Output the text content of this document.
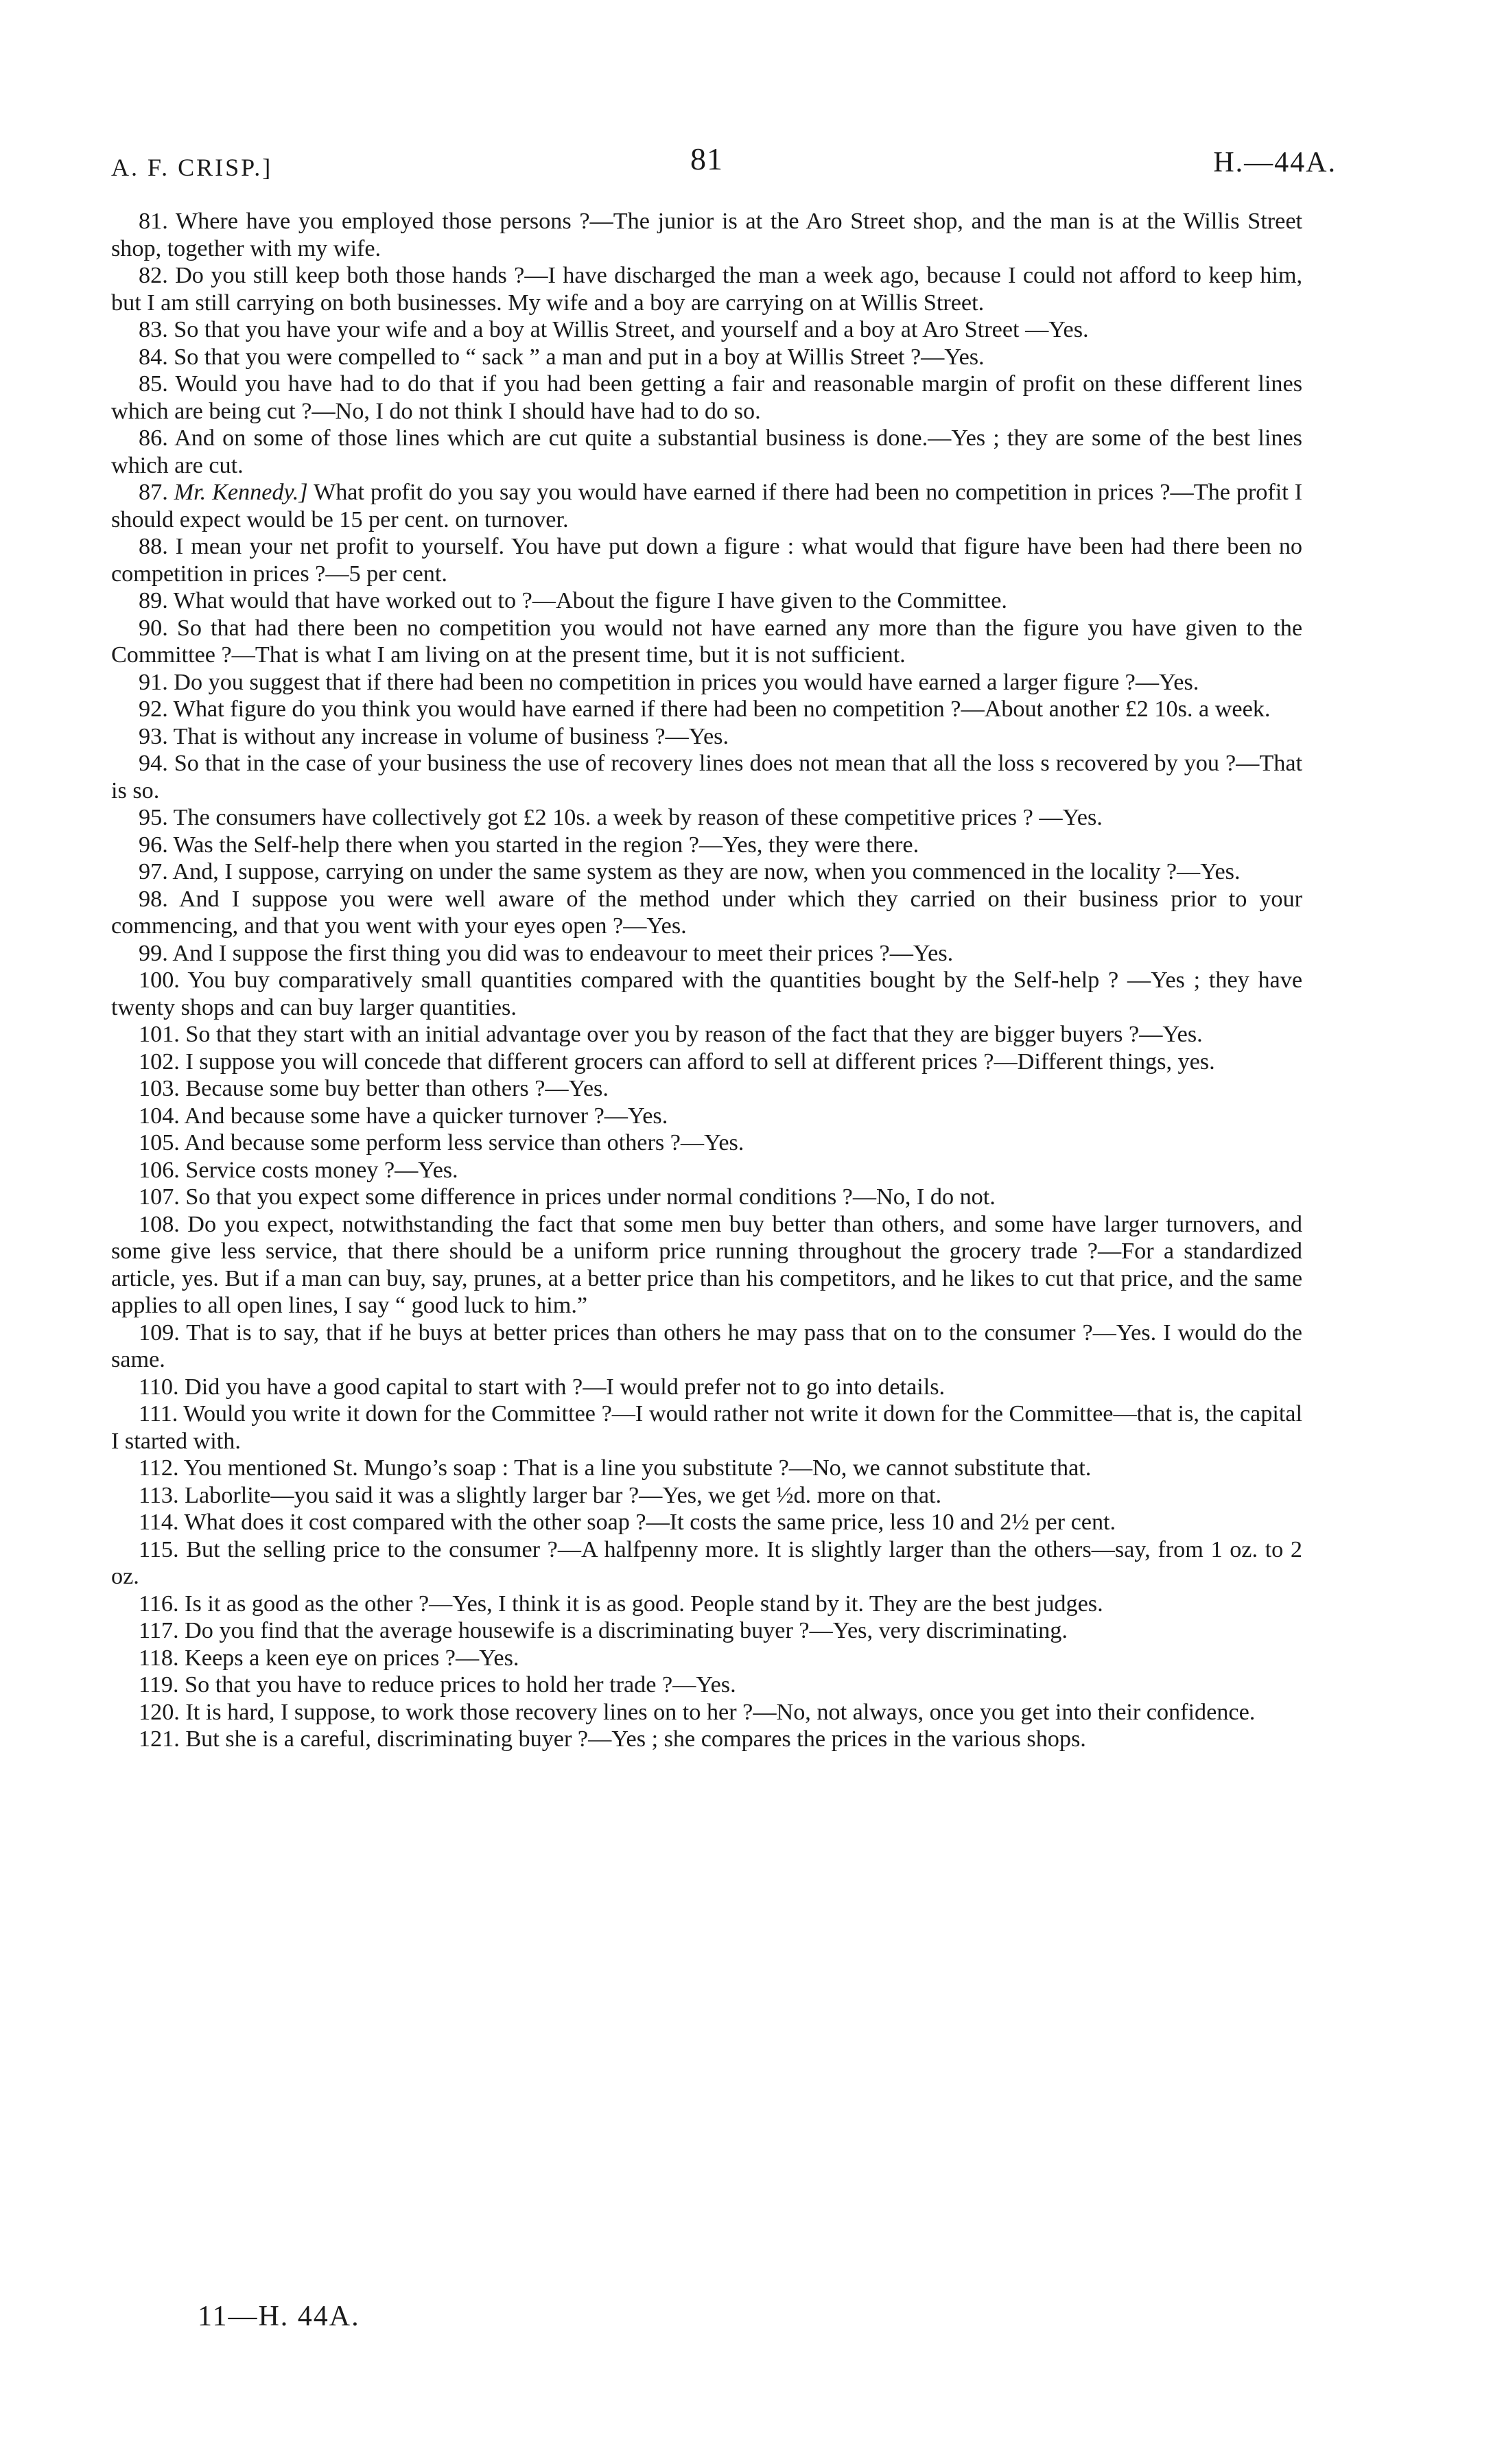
A. F. CRISP.]	81	H.—44A.

81. Where have you employed those persons ?—The junior is at the Aro Street shop, and the man is at the Willis Street shop, together with my wife.

82. Do you still keep both those hands ?—I have discharged the man a week ago, because I could not afford to keep him, but I am still carrying on both businesses. My wife and a boy are carrying on at Willis Street.

83. So that you have your wife and a boy at Willis Street, and yourself and a boy at Aro Street —Yes.

84. So that you were compelled to “ sack ” a man and put in a boy at Willis Street ?—Yes.

85. Would you have had to do that if you had been getting a fair and reasonable margin of profit on these different lines which are being cut ?—No, I do not think I should have had to do so.

86. And on some of those lines which are cut quite a substantial business is done.—Yes ; they are some of the best lines which are cut.

87. Mr. Kennedy.] What profit do you say you would have earned if there had been no competition in prices ?—The profit I should expect would be 15 per cent. on turnover.

88. I mean your net profit to yourself. You have put down a figure : what would that figure have been had there been no competition in prices ?—5 per cent.

89. What would that have worked out to ?—About the figure I have given to the Committee.

90. So that had there been no competition you would not have earned any more than the figure you have given to the Committee ?—That is what I am living on at the present time, but it is not sufficient.

91. Do you suggest that if there had been no competition in prices you would have earned a larger figure ?—Yes.

92. What figure do you think you would have earned if there had been no competition ?—About another £2 10s. a week.

93. That is without any increase in volume of business ?—Yes.

94. So that in the case of your business the use of recovery lines does not mean that all the loss s recovered by you ?—That is so.

95. The consumers have collectively got £2 10s. a week by reason of these competitive prices ? —Yes.

96. Was the Self-help there when you started in the region ?—Yes, they were there.

97. And, I suppose, carrying on under the same system as they are now, when you commenced in the locality ?—Yes.

98. And I suppose you were well aware of the method under which they carried on their business prior to your commencing, and that you went with your eyes open ?—Yes.

99. And I suppose the first thing you did was to endeavour to meet their prices ?—Yes.

100. You buy comparatively small quantities compared with the quantities bought by the Self-help ? —Yes ; they have twenty shops and can buy larger quantities.

101. So that they start with an initial advantage over you by reason of the fact that they are bigger buyers ?—Yes.

102. I suppose you will concede that different grocers can afford to sell at different prices ?—Different things, yes.

103. Because some buy better than others ?—Yes.

104. And because some have a quicker turnover ?—Yes.

105. And because some perform less service than others ?—Yes.

106. Service costs money ?—Yes.

107. So that you expect some difference in prices under normal conditions ?—No, I do not.

108. Do you expect, notwithstanding the fact that some men buy better than others, and some have larger turnovers, and some give less service, that there should be a uniform price running throughout the grocery trade ?—For a standardized article, yes. But if a man can buy, say, prunes, at a better price than his competitors, and he likes to cut that price, and the same applies to all open lines, I say “ good luck to him.”

109. That is to say, that if he buys at better prices than others he may pass that on to the consumer ?—Yes. I would do the same.

110. Did you have a good capital to start with ?—I would prefer not to go into details.

111. Would you write it down for the Committee ?—I would rather not write it down for the Committee—that is, the capital I started with.

112. You mentioned St. Mungo’s soap : That is a line you substitute ?—No, we cannot substitute that.

113. Laborlite—you said it was a slightly larger bar ?—Yes, we get ½d. more on that.

114. What does it cost compared with the other soap ?—It costs the same price, less 10 and 2½ per cent.

115. But the selling price to the consumer ?—A halfpenny more. It is slightly larger than the others—say, from 1 oz. to 2 oz.

116. Is it as good as the other ?—Yes, I think it is as good. People stand by it. They are the best judges.

117. Do you find that the average housewife is a discriminating buyer ?—Yes, very discriminating.

118. Keeps a keen eye on prices ?—Yes.

119. So that you have to reduce prices to hold her trade ?—Yes.

120. It is hard, I suppose, to work those recovery lines on to her ?—No, not always, once you get into their confidence.

121. But she is a careful, discriminating buyer ?—Yes ; she compares the prices in the various shops.

11—H. 44A.
